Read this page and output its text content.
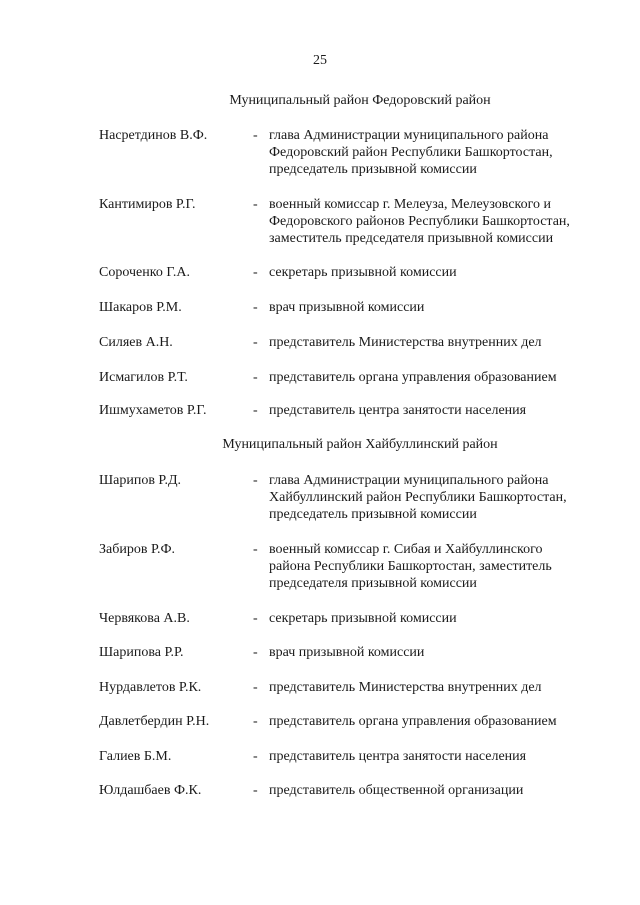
25
Муниципальный район Федоровский район
Насретдинов В.Ф.	- глава Администрации муниципального района
Федоровский район Республики Башкортостан,
председатель призывной комиссии
Кантимиров Р.Г.	- военный комиссар г. Мелеуза, Мелеузовского и
Федоровского районов Республики Башкортостан,
заместитель председателя призывной комиссии
Сороченко Г.А.	- секретарь призывной комиссии
Шакаров Р.М.	- врач призывной комиссии
Силяев А.Н.	- представитель Министерства внутренних дел
Исмагилов Р.Т.	- представитель органа управления образованием
Ишмухаметов Р.Г.	- представитель центра занятости населения
Муниципальный район Хайбуллинский район
Шарипов Р.Д.	- глава Администрации муниципального района
Хайбуллинский район Республики Башкортостан,
председатель призывной комиссии
Забиров Р.Ф.	- военный комиссар г. Сибая и Хайбуллинского
района Республики Башкортостан, заместитель
председателя призывной комиссии
Червякова А.В.	- секретарь призывной комиссии
Шарипова Р.Р.	- врач призывной комиссии
Нурдавлетов Р.К.	- представитель Министерства внутренних дел
Давлетбердин Р.Н.	- представитель органа управления образованием
Галиев Б.М.	- представитель центра занятости населения
Юлдашбаев Ф.К.	- представитель общественной организации
